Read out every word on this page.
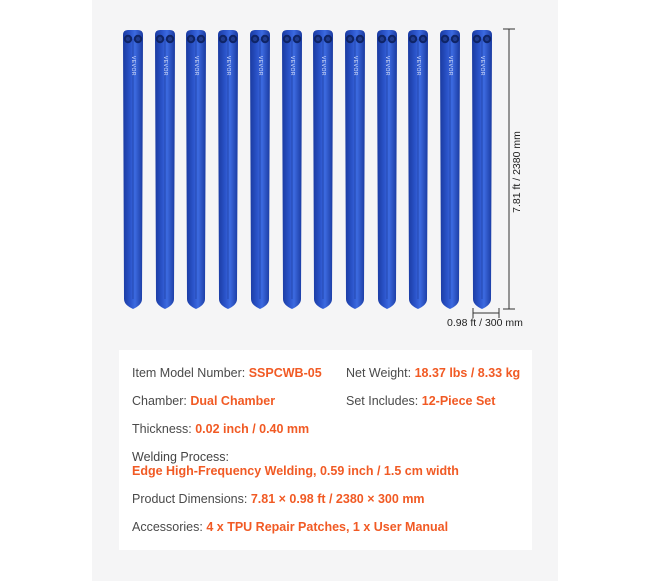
VEVOR	VEVOR	VEVOR	VEVOR	VEVOR	VEVOR	VEVOR	VEVOR	VEVOR	VEVOR	VEVOR	VEVOR
7.81 ft / 2380 mm
0.98 ft / 300 mm
Item Model Number: SSPCWB-05 Net Weight: 18.37 lbs / 8.33 kg
Chamber: Dual Chamber	Set Includes: 12-Piece Set
Thickness: 0.02 inch / 0.40 mm
Welding Process:
Edge High-Frequency Welding, 0.59 inch / 1.5 cm width
Product Dimensions: 7.81 × 0.98 ft / 2380 × 300 mm
Accessories: 4 x TPU Repair Patches, 1 x User Manual
